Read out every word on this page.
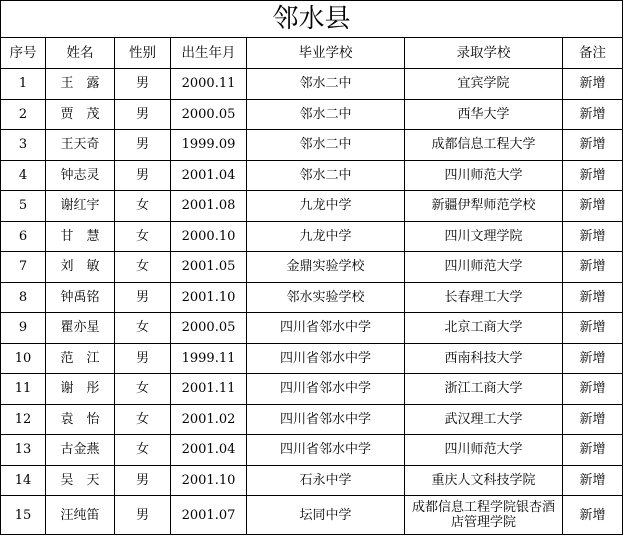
邻水县						
序号	姓名	性别	出生年月	毕业学校	录取学校	备注
1	王　露	男	2000.11	邻水二中	宜宾学院	新增
2	贾　茂	男	2000.05	邻水二中	西华大学	新增
3	王天奇	男	1999.09	邻水二中	成都信息工程大学	新增
4	钟志灵	男	2001.04	邻水二中	四川师范大学	新增
5	谢红宇	女	2001.08	九龙中学	新疆伊犁师范学校	新增
6	甘　慧	女	2000.10	九龙中学	四川文理学院	新增
7	刘　敏	女	2001.05	金鼎实验学校	四川师范大学	新增
8	钟禹铭	男	2001.10	邻水实验学校	长春理工大学	新增
9	瞿亦星	女	2000.05	四川省邻水中学	北京工商大学	新增
10	范　江	男	1999.11	四川省邻水中学	西南科技大学	新增
11	谢　彤	女	2001.11	四川省邻水中学	浙江工商大学	新增
12	袁　怡	女	2001.02	四川省邻水中学	武汉理工大学	新增
13	古金燕	女	2001.04	四川省邻水中学	四川师范大学	新增
14	吴　天	男	2001.10	石永中学	重庆人文科技学院	新增
15	汪纯笛	男	2001.07	坛同中学	成都信息工程学院银杏酒店管理学院	新增
